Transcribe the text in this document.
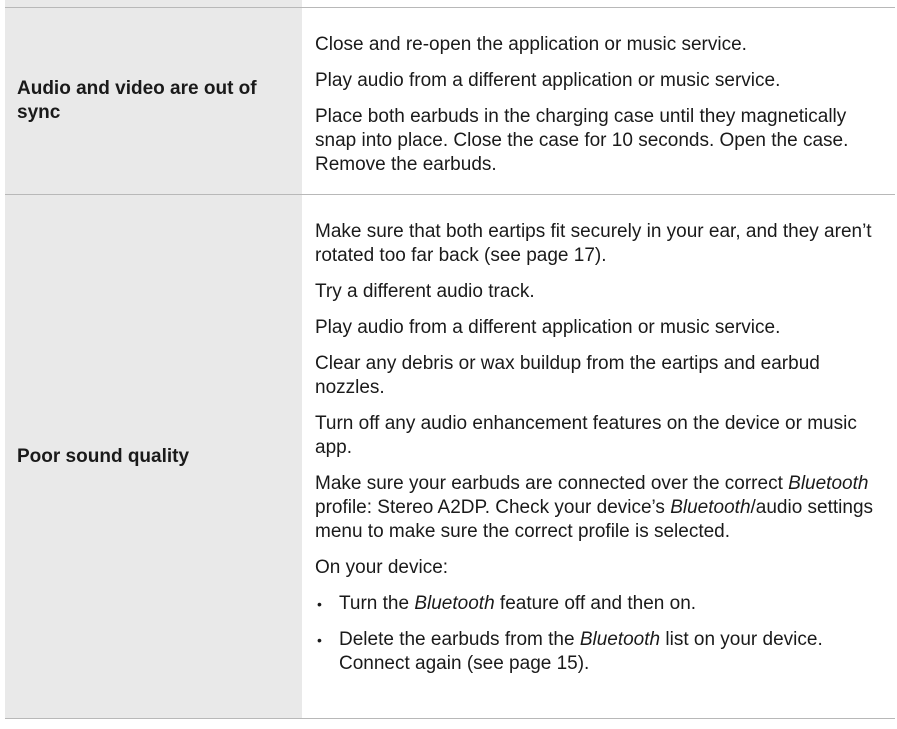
Audio and video are out of sync

Close and re-open the application or music service.

Play audio from a different application or music service.

Place both earbuds in the charging case until they magnetically snap into place. Close the case for 10 seconds. Open the case. Remove the earbuds.

Poor sound quality

Make sure that both eartips fit securely in your ear, and they aren’t rotated too far back (see page 17).

Try a different audio track.

Play audio from a different application or music service.

Clear any debris or wax buildup from the eartips and earbud nozzles.

Turn off any audio enhancement features on the device or music app.

Make sure your earbuds are connected over the correct Bluetooth profile: Stereo A2DP. Check your device’s Bluetooth/audio settings menu to make sure the correct profile is selected.

On your device:

• Turn the Bluetooth feature off and then on.
• Delete the earbuds from the Bluetooth list on your device. Connect again (see page 15).
